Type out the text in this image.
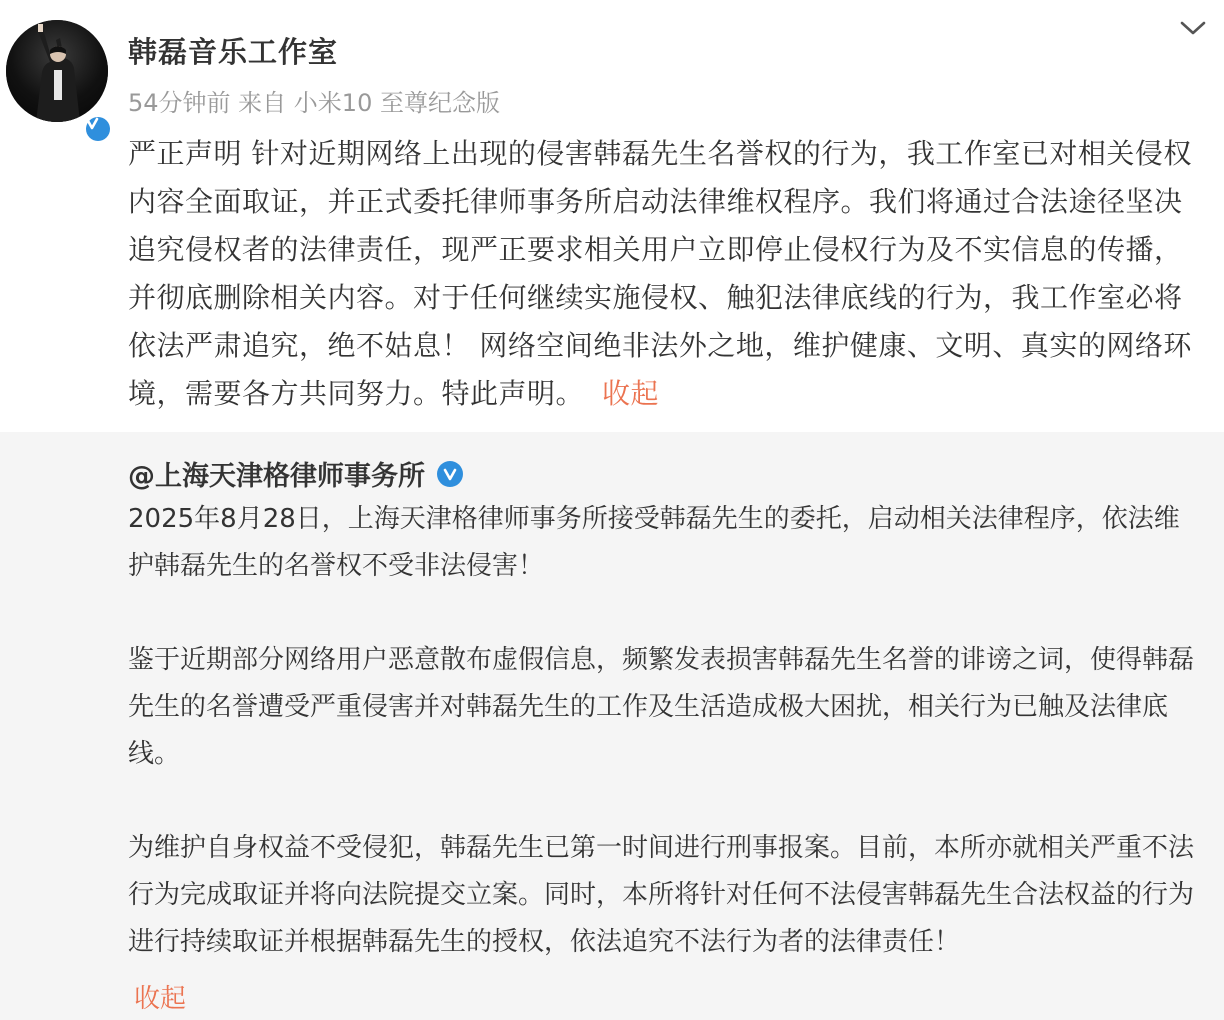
韩磊音乐工作室
54分钟前 来自 小米10 至尊纪念版
严正声明 针对近期网络上出现的侵害韩磊先生名誉权的行为，我工作室已对相关侵权内容全面取证，并正式委托律师事务所启动法律维权程序。我们将通过合法途径坚决追究侵权者的法律责任，现严正要求相关用户立即停止侵权行为及不实信息的传播，并彻底删除相关内容。对于任何继续实施侵权、触犯法律底线的行为，我工作室必将依法严肃追究，绝不姑息！ 网络空间绝非法外之地，维护健康、文明、真实的网络环境，需要各方共同努力。特此声明。 收起
@上海天津格律师事务所

2025年8月28日，上海天津格律师事务所接受韩磊先生的委托，启动相关法律程序，依法维护韩磊先生的名誉权不受非法侵害！

鉴于近期部分网络用户恶意散布虚假信息，频繁发表损害韩磊先生名誉的诽谤之词，使得韩磊先生的名誉遭受严重侵害并对韩磊先生的工作及生活造成极大困扰，相关行为已触及法律底线。

为维护自身权益不受侵犯，韩磊先生已第一时间进行刑事报案。目前，本所亦就相关严重不法行为完成取证并将向法院提交立案。同时，本所将针对任何不法侵害韩磊先生合法权益的行为进行持续取证并根据韩磊先生的授权，依法追究不法行为者的法律责任！

收起
